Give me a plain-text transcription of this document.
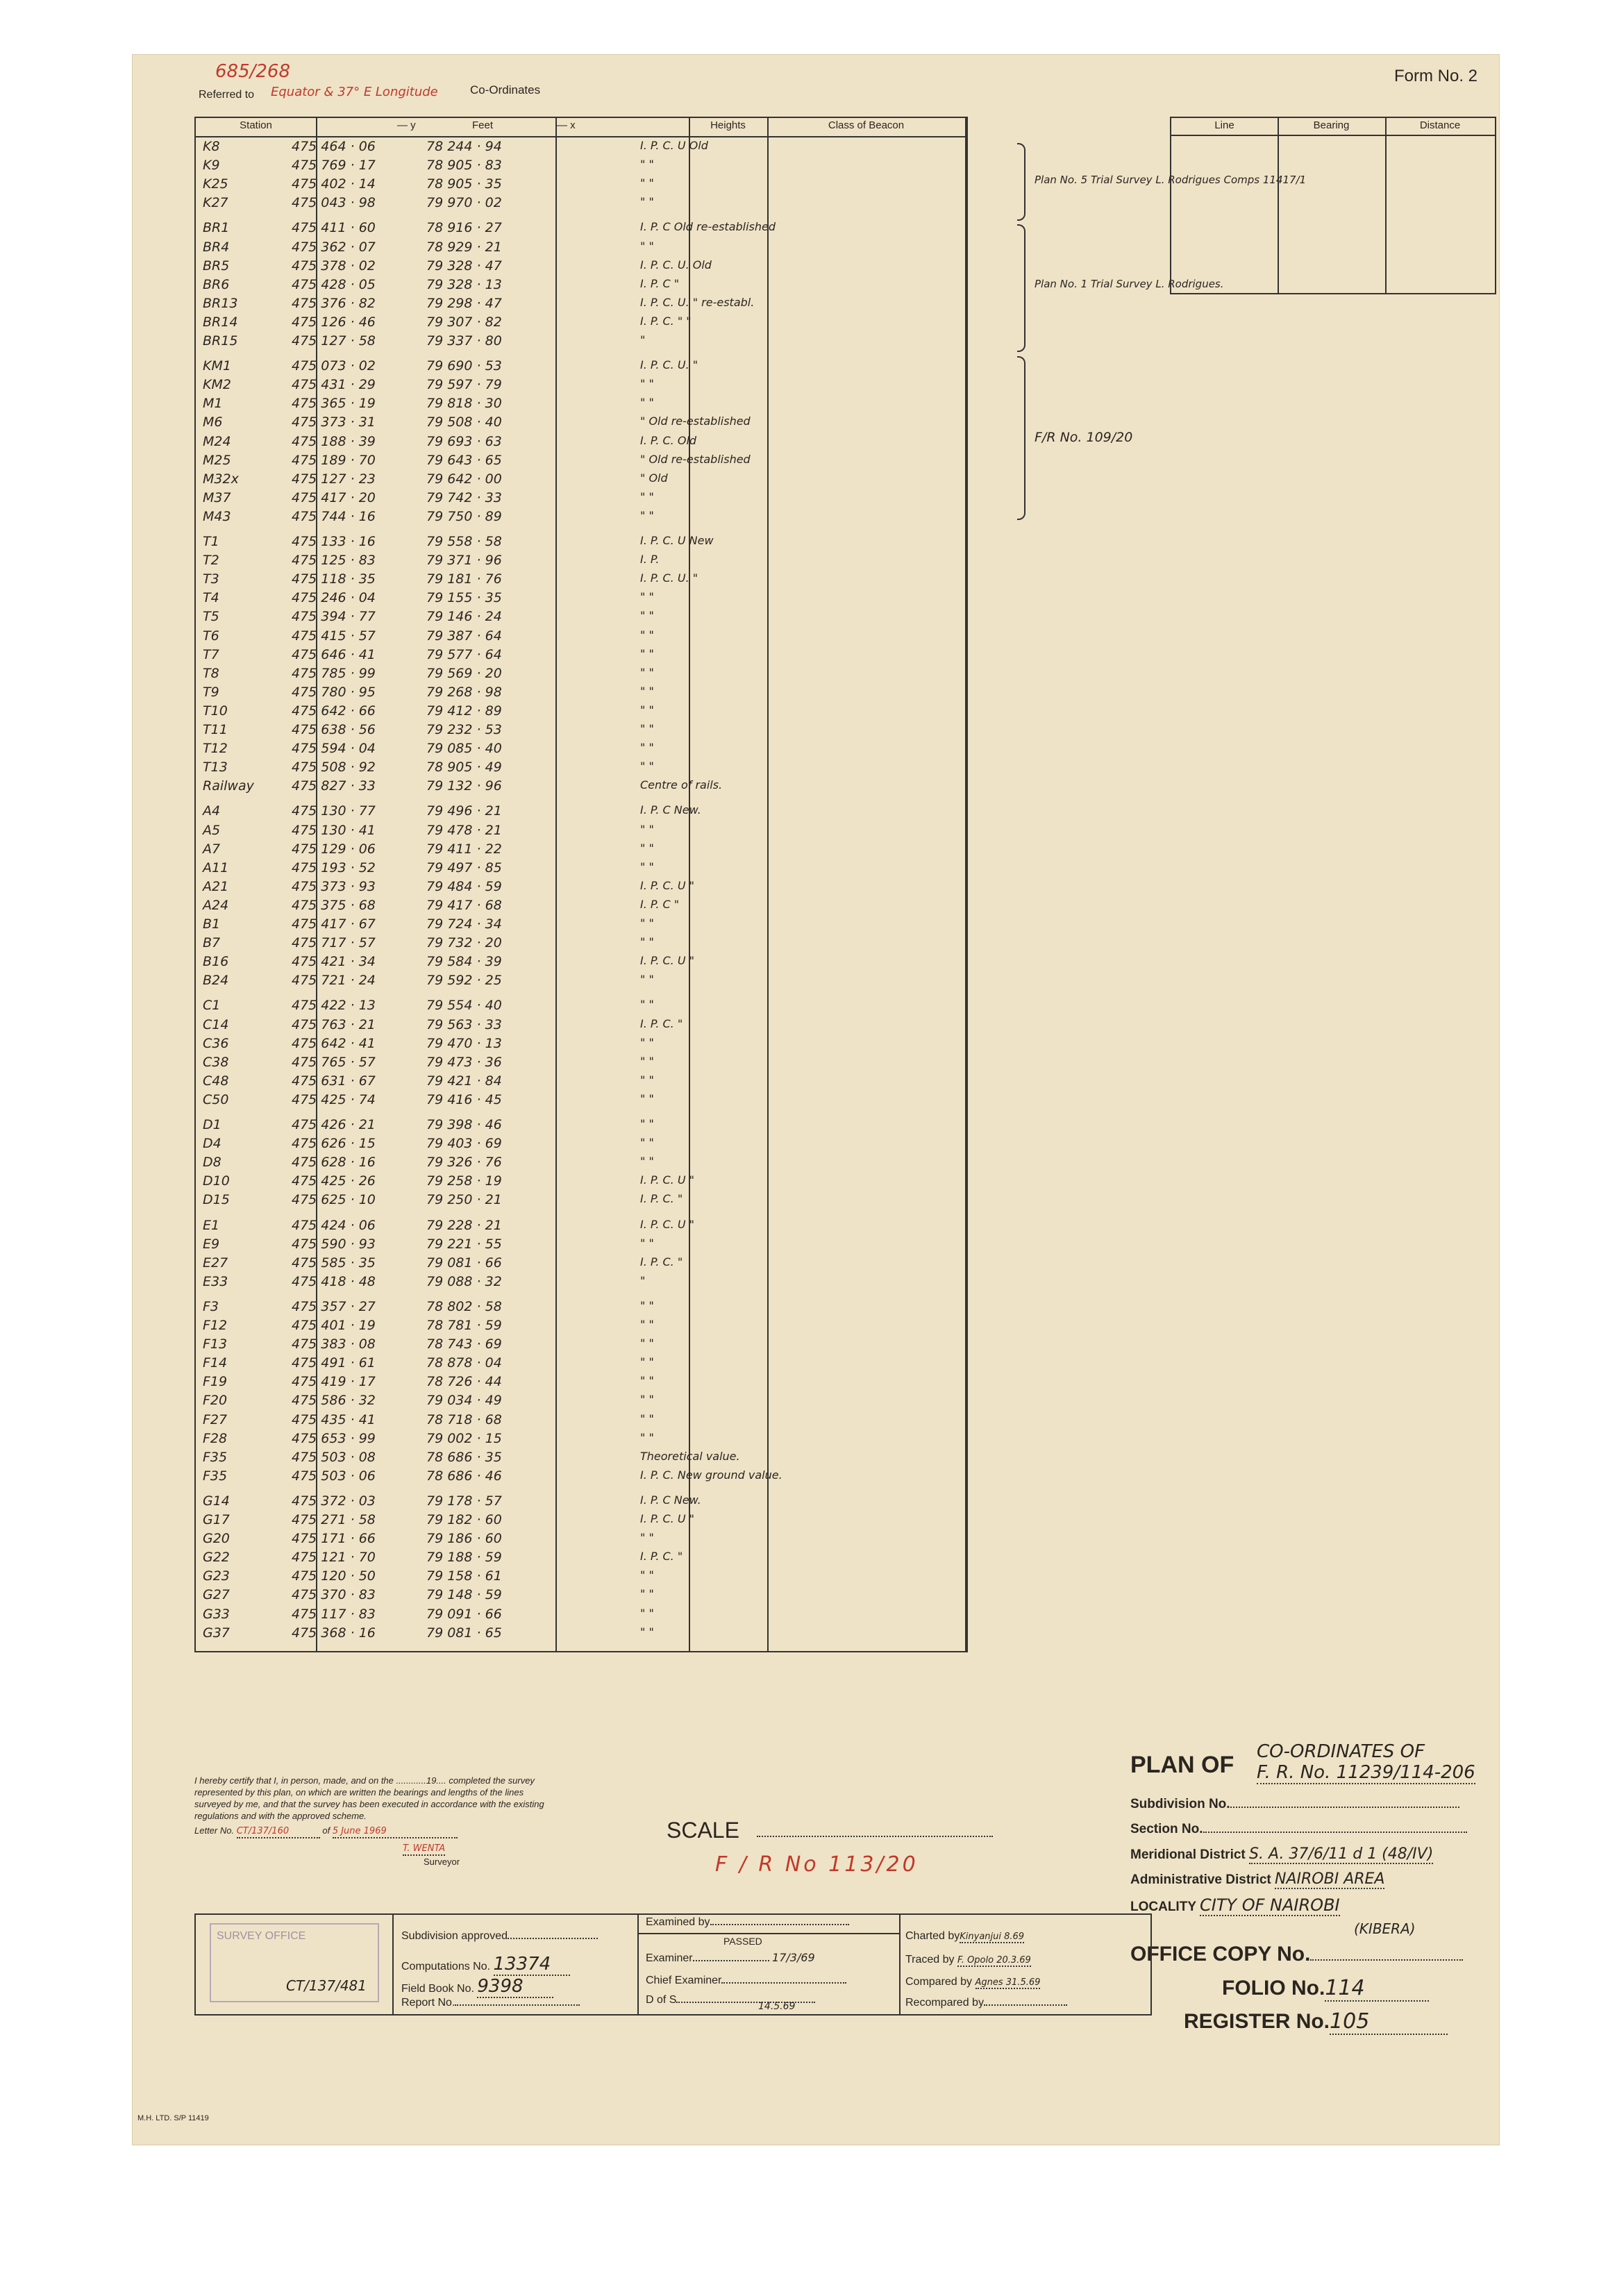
685/268
Referred to Equator & 37° E Longitude	Co-Ordinates
Form No. 2
Station	— y	Feet	— x	Heights	Class of Beacon
K8	475 464 · 06	78 244 · 94	I. P. C. U Old
K9	475 769 · 17	78 905 · 83	" "
K25	475 402 · 14	78 905 · 35	" "
K27	475 043 · 98	79 970 · 02	" "
BR1	475 411 · 60	78 916 · 27	I. P. C Old re-established
BR4	475 362 · 07	78 929 · 21	" "
BR5	475 378 · 02	79 328 · 47	I. P. C. U. Old
BR6	475 428 · 05	79 328 · 13	I. P. C "
BR13	475 376 · 82	79 298 · 47	I. P. C. U. " re-establ.
BR14	475 126 · 46	79 307 · 82	I. P. C. " "
BR15	475 127 · 58	79 337 · 80	"
KM1	475 073 · 02	79 690 · 53	I. P. C. U. "
KM2	475 431 · 29	79 597 · 79	" "
M1	475 365 · 19	79 818 · 30	" "
M6	475 373 · 31	79 508 · 40	" Old re-established
M24	475 188 · 39	79 693 · 63	I. P. C. Old
M25	475 189 · 70	79 643 · 65	" Old re-established
M32x	475 127 · 23	79 642 · 00	" Old
M37	475 417 · 20	79 742 · 33	" "
M43	475 744 · 16	79 750 · 89	" "
T1	475 133 · 16	79 558 · 58	I. P. C. U New
T2	475 125 · 83	79 371 · 96	I. P.
T3	475 118 · 35	79 181 · 76	I. P. C. U. "
T4	475 246 · 04	79 155 · 35	" "
T5	475 394 · 77	79 146 · 24	" "
T6	475 415 · 57	79 387 · 64	" "
T7	475 646 · 41	79 577 · 64	" "
T8	475 785 · 99	79 569 · 20	" "
T9	475 780 · 95	79 268 · 98	" "
T10	475 642 · 66	79 412 · 89	" "
T11	475 638 · 56	79 232 · 53	" "
T12	475 594 · 04	79 085 · 40	" "
T13	475 508 · 92	78 905 · 49	" "
Railway	475 827 · 33	79 132 · 96	Centre of rails.
A4	475 130 · 77	79 496 · 21	I. P. C New.
A5	475 130 · 41	79 478 · 21	" "
A7	475 129 · 06	79 411 · 22	" "
A11	475 193 · 52	79 497 · 85	" "
A21	475 373 · 93	79 484 · 59	I. P. C. U "
A24	475 375 · 68	79 417 · 68	I. P. C "
B1	475 417 · 67	79 724 · 34	" "
B7	475 717 · 57	79 732 · 20	" "
B16	475 421 · 34	79 584 · 39	I. P. C. U "
B24	475 721 · 24	79 592 · 25	" "
C1	475 422 · 13	79 554 · 40	" "
C14	475 763 · 21	79 563 · 33	I. P. C. "
C36	475 642 · 41	79 470 · 13	" "
C38	475 765 · 57	79 473 · 36	" "
C48	475 631 · 67	79 421 · 84	" "
C50	475 425 · 74	79 416 · 45	" "
D1	475 426 · 21	79 398 · 46	" "
D4	475 626 · 15	79 403 · 69	" "
D8	475 628 · 16	79 326 · 76	" "
D10	475 425 · 26	79 258 · 19	I. P. C. U "
D15	475 625 · 10	79 250 · 21	I. P. C. "
E1	475 424 · 06	79 228 · 21	I. P. C. U "
E9	475 590 · 93	79 221 · 55	" "
E27	475 585 · 35	79 081 · 66	I. P. C. "
E33	475 418 · 48	79 088 · 32	"
F3	475 357 · 27	78 802 · 58	" "
F12	475 401 · 19	78 781 · 59	" "
F13	475 383 · 08	78 743 · 69	" "
F14	475 491 · 61	78 878 · 04	" "
F19	475 419 · 17	78 726 · 44	" "
F20	475 586 · 32	79 034 · 49	" "
F27	475 435 · 41	78 718 · 68	" "
F28	475 653 · 99	79 002 · 15	" "
F35	475 503 · 08	78 686 · 35	Theoretical value.
F35	475 503 · 06	78 686 · 46	I. P. C. New ground value.
G14	475 372 · 03	79 178 · 57	I. P. C New.
G17	475 271 · 58	79 182 · 60	I. P. C. U "
G20	475 171 · 66	79 186 · 60	" "
G22	475 121 · 70	79 188 · 59	I. P. C. "
G23	475 120 · 50	79 158 · 61	" "
G27	475 370 · 83	79 148 · 59	" "
G33	475 117 · 83	79 091 · 66	" "
G37	475 368 · 16	79 081 · 65	" "
Plan No. 5 Trial Survey L. Rodrigues Comps 11417/1
Plan No. 1 Trial Survey L. Rodrigues.
F/R No. 109/20
Line	Bearing	Distance
I hereby certify that I, in person, made, and on the ............19.... completed the survey represented by this plan, on which are written the bearings and lengths of the lines surveyed by me, and that the survey has been executed in accordance with the existing regulations and with the approved scheme.
Letter No. CT/137/160	of 5 June 1969
T. WENTA
Surveyor
SCALE
F / R No 113/20
PLAN OF CO-ORDINATES OF
F. R. No. 11239/114-206
Subdivision No.
Section No.
Meridional District S. A. 37/6/11 d 1 (48/IV)
Administrative District NAIROBI AREA
LOCALITY CITY OF NAIROBI
(KIBERA)
OFFICE COPY No.
FOLIO No.114
REGISTER No.105
SURVEY OFFICE
CT/137/481
Subdivision approved
Computations No. 13374
Field Book No. 9398
Report No.
Examined by
PASSED
Examiner	17/3/69
Chief Examiner
D of S
14.5.69
Charted byKinyanjui 8.69
Traced by F. Opolo 20.3.69
Compared by Agnes 31.5.69
Recompared by
M.H. LTD. S/P 11419
